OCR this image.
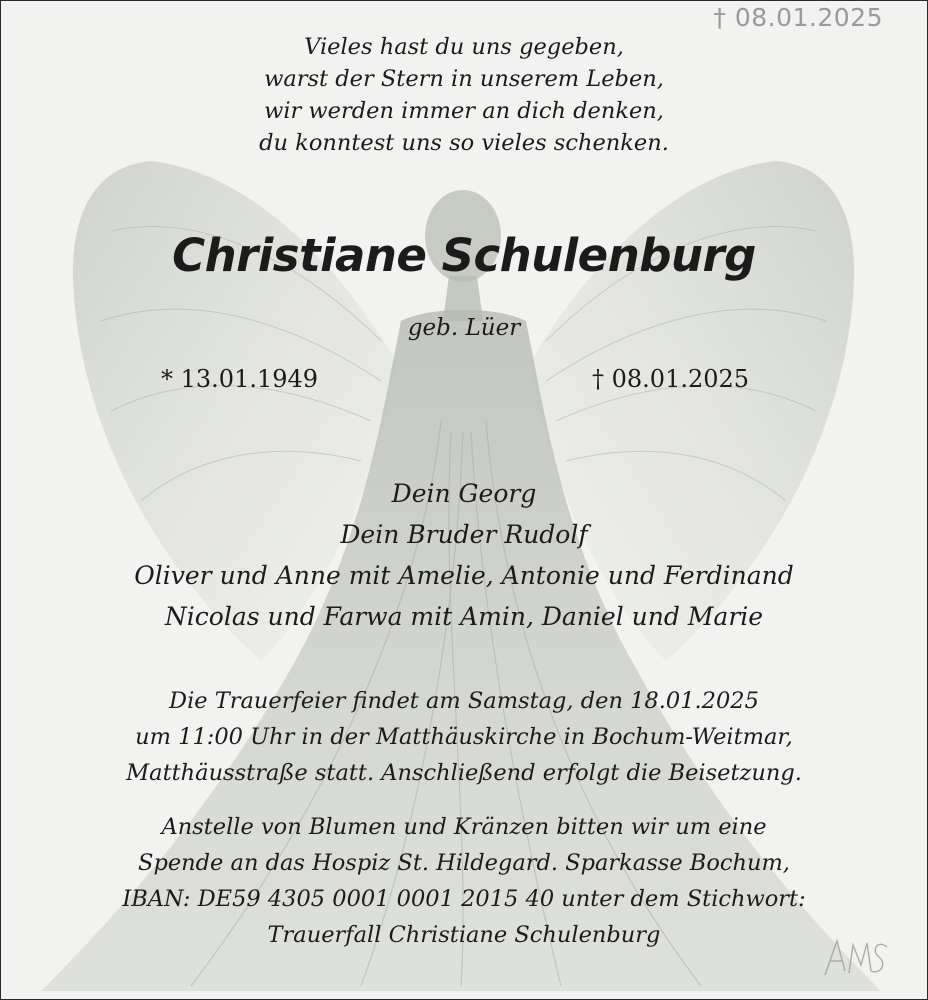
† 08.01.2025
Vieles hast du uns gegeben,
warst der Stern in unserem Leben,
wir werden immer an dich denken,
du konntest uns so vieles schenken.
Christiane Schulenburg
geb. Lüer
* 13.01.1949	† 08.01.2025
Dein Georg
Dein Bruder Rudolf
Oliver und Anne mit Amelie, Antonie und Ferdinand
Nicolas und Farwa mit Amin, Daniel und Marie
Die Trauerfeier findet am Samstag, den 18.01.2025
um 11:00 Uhr in der Matthäuskirche in Bochum-Weitmar,
Matthäusstraße statt. Anschließend erfolgt die Beisetzung.
Anstelle von Blumen und Kränzen bitten wir um eine
Spende an das Hospiz St. Hildegard. Sparkasse Bochum,
IBAN: DE59 4305 0001 0001 2015 40 unter dem Stichwort:
Trauerfall Christiane Schulenburg
